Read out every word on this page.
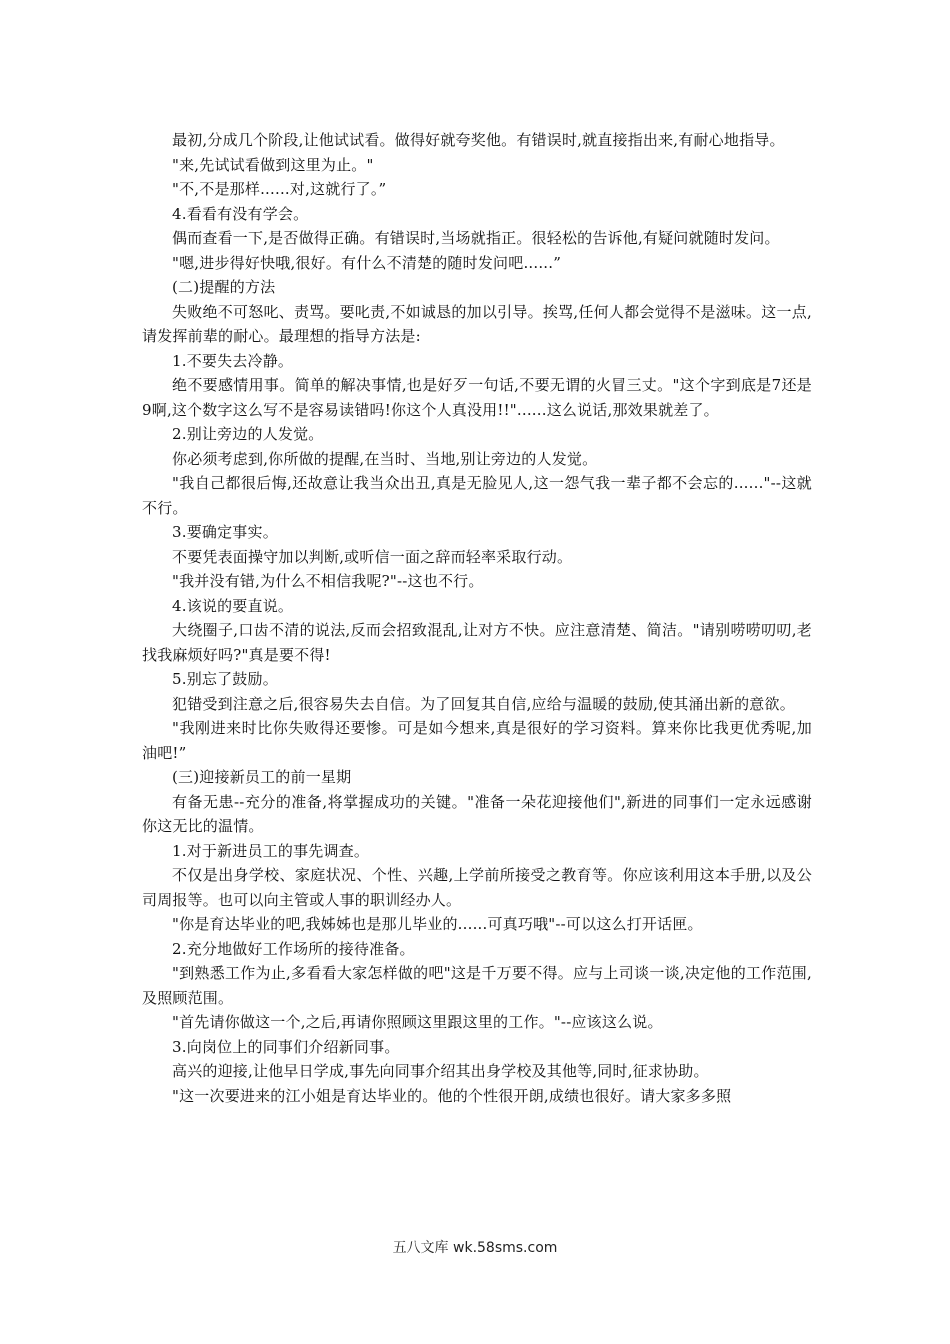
最初,分成几个阶段,让他试试看。做得好就夸奖他。有错误时,就直接指出来,有耐心地指导。

"来,先试试看做到这里为止。"

"不,不是那样......对,这就行了。”

4.看看有没有学会。

偶而查看一下,是否做得正确。有错误时,当场就指正。很轻松的告诉他,有疑问就随时发问。

"嗯,进步得好快哦,很好。有什么不清楚的随时发问吧......”

(二)提醒的方法

失败绝不可怒叱、责骂。要叱责,不如诚恳的加以引导。挨骂,任何人都会觉得不是滋味。这一点,请发挥前辈的耐心。最理想的指导方法是:

1.不要失去冷静。

绝不要感情用事。简单的解决事情,也是好歹一句话,不要无谓的火冒三丈。"这个字到底是7还是9啊,这个数字这么写不是容易读错吗!你这个人真没用!!"......这么说话,那效果就差了。

2.别让旁边的人发觉。

你必须考虑到,你所做的提醒,在当时、当地,别让旁边的人发觉。

"我自己都很后悔,还故意让我当众出丑,真是无脸见人,这一怨气我一辈子都不会忘的......"--这就不行。

3.要确定事实。

不要凭表面操守加以判断,或听信一面之辞而轻率采取行动。

"我并没有错,为什么不相信我呢?"--这也不行。

4.该说的要直说。

大绕圈子,口齿不清的说法,反而会招致混乱,让对方不快。应注意清楚、简洁。"请别唠唠叨叨,老找我麻烦好吗?"真是要不得!

5.别忘了鼓励。

犯错受到注意之后,很容易失去自信。为了回复其自信,应给与温暖的鼓励,使其涌出新的意欲。

"我刚进来时比你失败得还要惨。可是如今想来,真是很好的学习资料。算来你比我更优秀呢,加油吧!”

(三)迎接新员工的前一星期

有备无患--充分的准备,将掌握成功的关键。"准备一朵花迎接他们",新进的同事们一定永远感谢你这无比的温情。

1.对于新进员工的事先调查。

不仅是出身学校、家庭状况、个性、兴趣,上学前所接受之教育等。你应该利用这本手册,以及公司周报等。也可以向主管或人事的职训经办人。

"你是育达毕业的吧,我姊姊也是那儿毕业的......可真巧哦"--可以这么打开话匣。

2.充分地做好工作场所的接待准备。

"到熟悉工作为止,多看看大家怎样做的吧"这是千万要不得。应与上司谈一谈,决定他的工作范围,及照顾范围。

"首先请你做这一个,之后,再请你照顾这里跟这里的工作。"--应该这么说。

3.向岗位上的同事们介绍新同事。

高兴的迎接,让他早日学成,事先向同事介绍其出身学校及其他等,同时,征求协助。

"这一次要进来的江小姐是育达毕业的。他的个性很开朗,成绩也很好。请大家多多照

五八文库 wk.58sms.com
